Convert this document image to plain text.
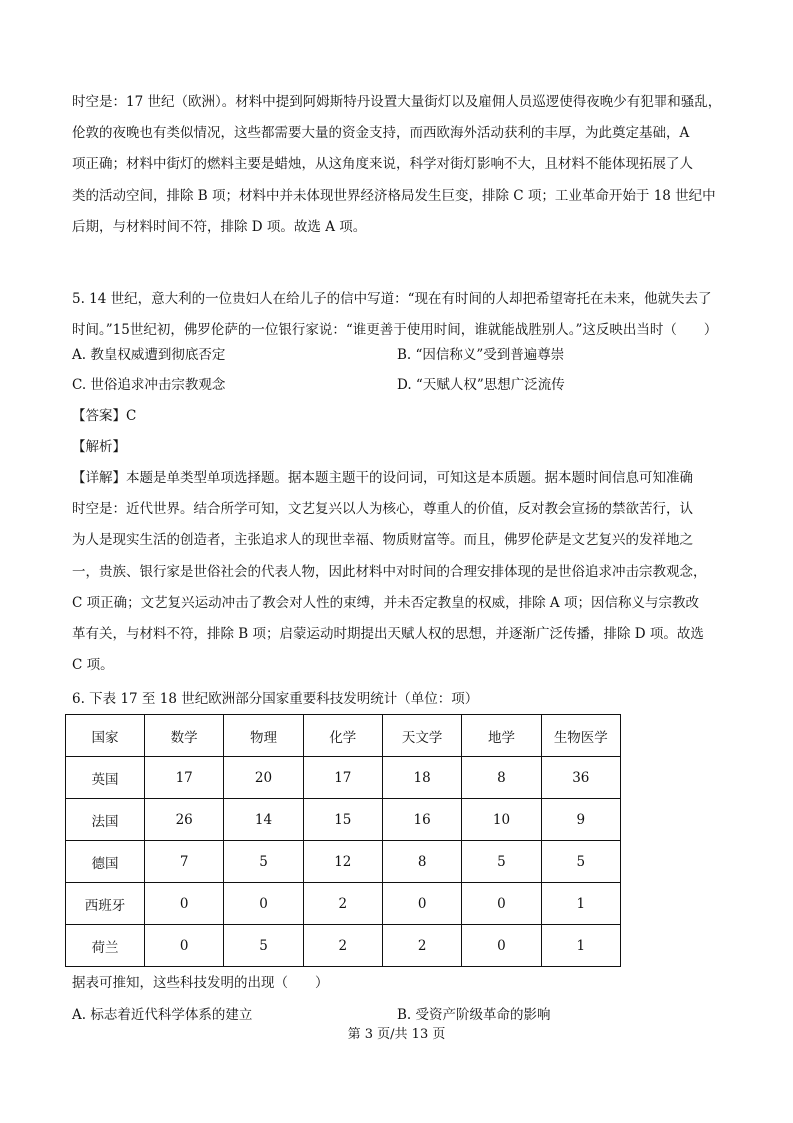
时空是：17 世纪（欧洲）。材料中提到阿姆斯特丹设置大量街灯以及雇佣人员巡逻使得夜晚少有犯罪和骚乱，
伦敦的夜晚也有类似情况，这些都需要大量的资金支持，而西欧海外活动获利的丰厚，为此奠定基础，A
项正确；材料中街灯的燃料主要是蜡烛，从这角度来说，科学对街灯影响不大，且材料不能体现拓展了人
类的活动空间，排除 B 项；材料中并未体现世界经济格局发生巨变，排除 C 项；工业革命开始于 18 世纪中
后期，与材料时间不符，排除 D 项。故选 A 项。
5. 14 世纪，意大利的一位贵妇人在给儿子的信中写道：“现在有时间的人却把希望寄托在未来，他就失去了
时间。”15世纪初，佛罗伦萨的一位银行家说：“谁更善于使用时间，谁就能战胜别人。”这反映出当时（　　）
A. 教皇权威遭到彻底否定	B. “因信称义”受到普遍尊崇
C. 世俗追求冲击宗教观念	D. “天赋人权”思想广泛流传
【答案】C
【解析】
【详解】本题是单类型单项选择题。据本题主题干的设问词，可知这是本质题。据本题时间信息可知准确
时空是：近代世界。结合所学可知，文艺复兴以人为核心，尊重人的价值，反对教会宣扬的禁欲苦行，认
为人是现实生活的创造者，主张追求人的现世幸福、物质财富等。而且，佛罗伦萨是文艺复兴的发祥地之
一，贵族、银行家是世俗社会的代表人物，因此材料中对时间的合理安排体现的是世俗追求冲击宗教观念，
C 项正确；文艺复兴运动冲击了教会对人性的束缚，并未否定教皇的权威，排除 A 项；因信称义与宗教改
革有关，与材料不符，排除 B 项；启蒙运动时期提出天赋人权的思想，并逐渐广泛传播，排除 D 项。故选
C 项。
6. 下表 17 至 18 世纪欧洲部分国家重要科技发明统计（单位：项）
国家	数学	物理	化学	天文学	地学	生物医学
英国	17	20	17	18	8	36
法国	26	14	15	16	10	9
德国	7	5	12	8	5	5
西班牙	0	0	2	0	0	1
荷兰	0	5	2	2	0	1
据表可推知，这些科技发明的出现（　　）
A. 标志着近代科学体系的建立	B. 受资产阶级革命的影响
第 3 页/共 13 页
